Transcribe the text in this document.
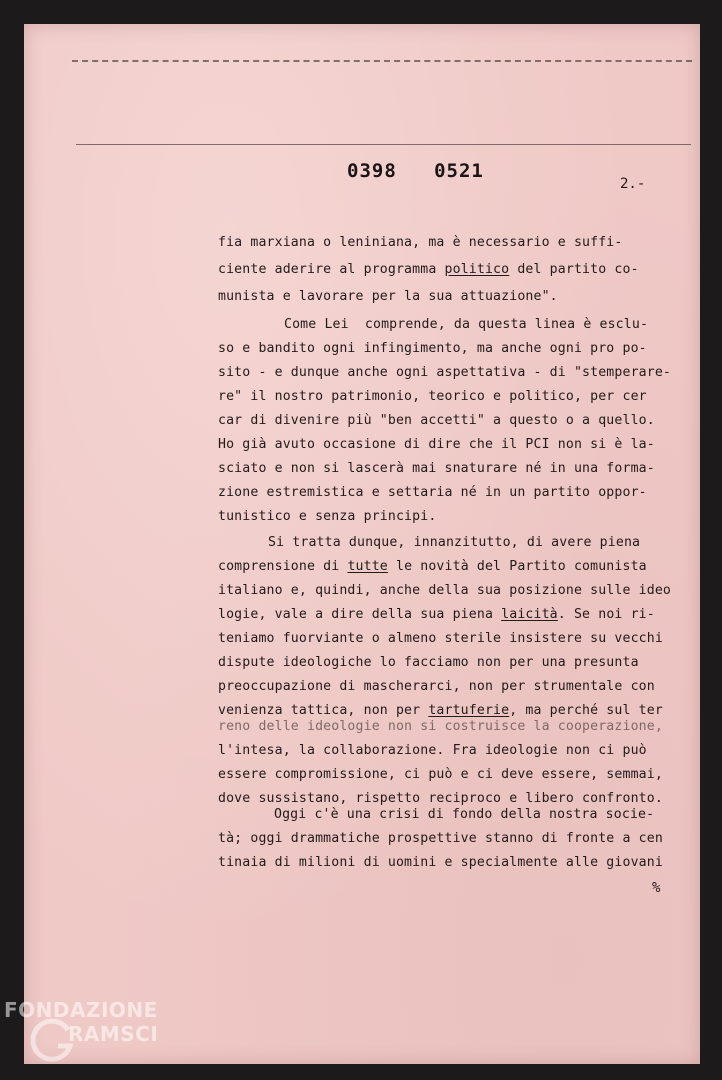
0398   0521
2.-
fia marxiana o leniniana, ma è necessario e suffi-
ciente aderire al programma politico del partito co-
munista e lavorare per la sua attuazione".
Come Lei  comprende, da questa linea è esclu-
so e bandito ogni infingimento, ma anche ogni pro po-
sito - e dunque anche ogni aspettativa - di "stemperare-
re" il nostro patrimonio, teorico e politico, per cer
car di divenire più "ben accetti" a questo o a quello.
Ho già avuto occasione di dire che il PCI non si è la-
sciato e non si lascerà mai snaturare né in una forma-
zione estremistica e settaria né in un partito oppor-
tunistico e senza principi.
Si tratta dunque, innanzitutto, di avere piena
comprensione di tutte le novità del Partito comunista
italiano e, quindi, anche della sua posizione sulle ideo
logie, vale a dire della sua piena laicità. Se noi ri-
teniamo fuorviante o almeno sterile insistere su vecchi
dispute ideologiche lo facciamo non per una presunta
preoccupazione di mascherarci, non per strumentale con
venienza tattica, non per tartuferie, ma perché sul ter
reno delle ideologie non si costruisce la cooperazione,
l'intesa, la collaborazione. Fra ideologie non ci può
essere compromissione, ci può e ci deve essere, semmai,
dove sussistano, rispetto reciproco e libero confronto.
Oggi c'è una crisi di fondo della nostra socie-
tà; oggi drammatiche prospettive stanno di fronte a cen
tinaia di milioni di uomini e specialmente alle giovani
%
FONDAZIONE
RAMSCI
